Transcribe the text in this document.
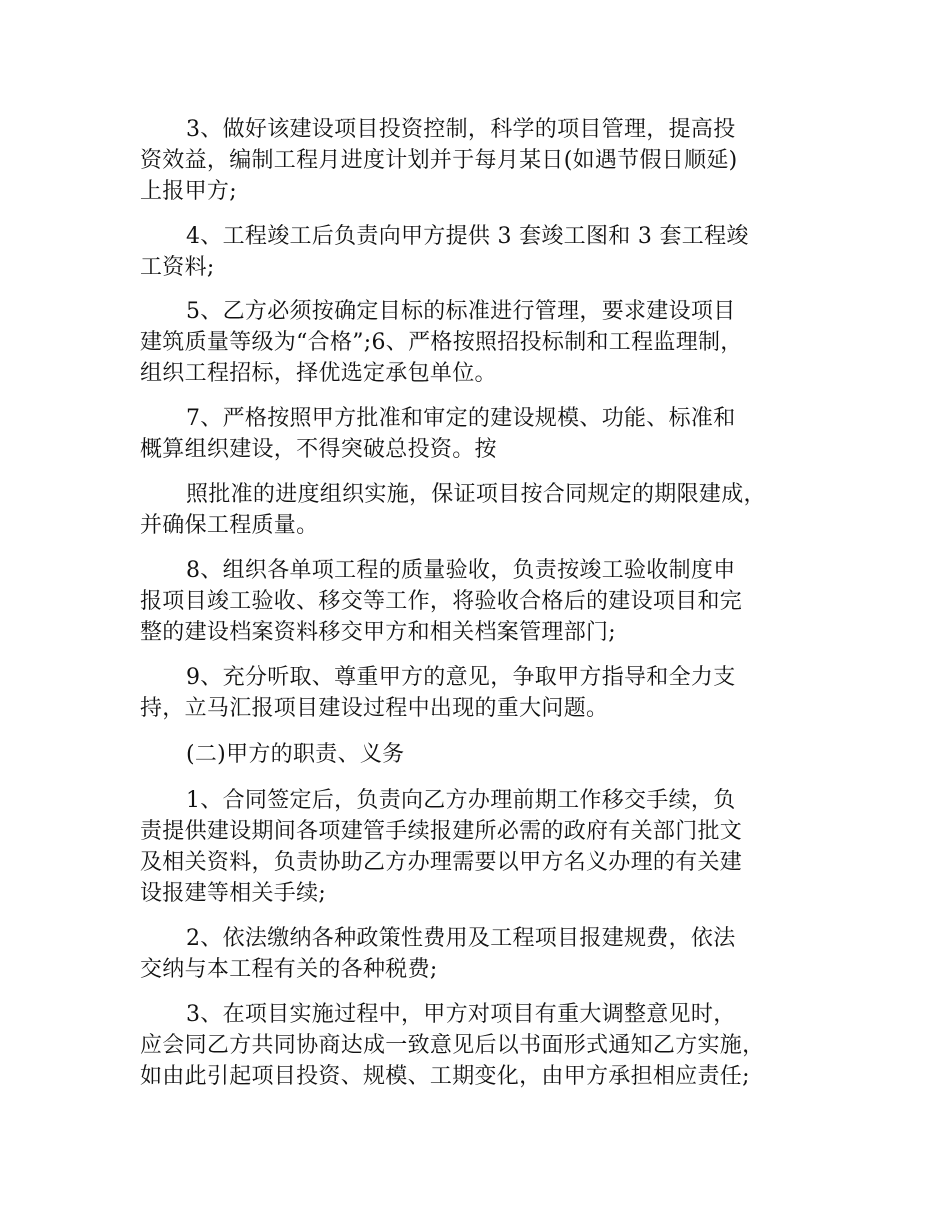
3、做好该建设项目投资控制，科学的项目管理，提高投
资效益，编制工程月进度计划并于每月某日(如遇节假日顺延)
上报甲方;
4、工程竣工后负责向甲方提供 3 套竣工图和 3 套工程竣
工资料;
5、乙方必须按确定目标的标准进行管理，要求建设项目
建筑质量等级为“合格”;6、严格按照招投标制和工程监理制，
组织工程招标，择优选定承包单位。
7、严格按照甲方批准和审定的建设规模、功能、标准和
概算组织建设，不得突破总投资。按
照批准的进度组织实施，保证项目按合同规定的期限建成，
并确保工程质量。
8、组织各单项工程的质量验收，负责按竣工验收制度申
报项目竣工验收、移交等工作，将验收合格后的建设项目和完
整的建设档案资料移交甲方和相关档案管理部门;
9、充分听取、尊重甲方的意见，争取甲方指导和全力支
持，立马汇报项目建设过程中出现的重大问题。
(二)甲方的职责、义务
1、合同签定后，负责向乙方办理前期工作移交手续，负
责提供建设期间各项建管手续报建所必需的政府有关部门批文
及相关资料，负责协助乙方办理需要以甲方名义办理的有关建
设报建等相关手续;
2、依法缴纳各种政策性费用及工程项目报建规费，依法
交纳与本工程有关的各种税费;
3、在项目实施过程中，甲方对项目有重大调整意见时，
应会同乙方共同协商达成一致意见后以书面形式通知乙方实施，
如由此引起项目投资、规模、工期变化，由甲方承担相应责任;
